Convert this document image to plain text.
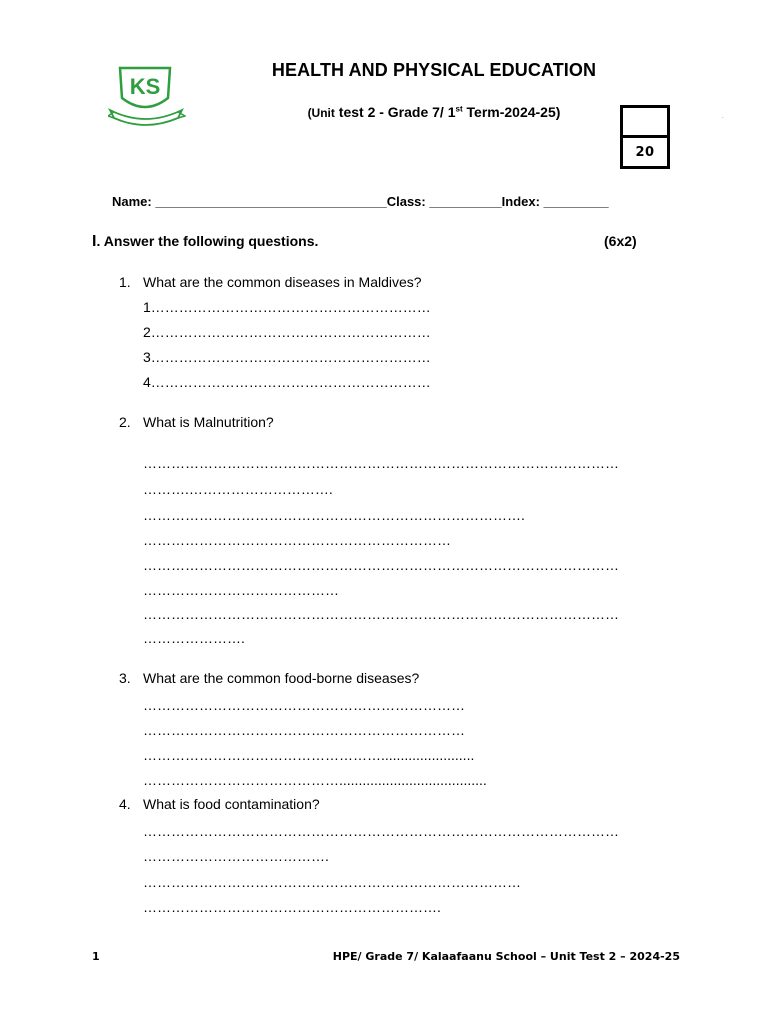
KS
HEALTH AND PHYSICAL EDUCATION
(Unit test 2 - Grade 7/ 1st Term-2024-25)
20
.
Name: ________________________________Class: __________Index: _________
I. Answer the following questions.	(6x2)
1. What are the common diseases in Maldives?
1……………………………………………………
2……………………………………………………
3……………………………………………………
4……………………………………………………
2. What is Malnutrition?
…………………………………………………………………………………………
……….………………………….
……………………………………………………………………….
…………………………………………………………
…………………………………………………………………………………………
……………………………………
…………………………………………………………………………………………
………………….
3. What are the common food-borne diseases?
……………………………………………………………
……………………………………………………………
……………………………………………........................
……………………………………......................................
4. What is food contamination?
…………………………………………………………………………………………
………………………………….
………………………………………………………………………
……………………………………………………….
1	HPE/ Grade 7/ Kalaafaanu School – Unit Test 2 – 2024-25
